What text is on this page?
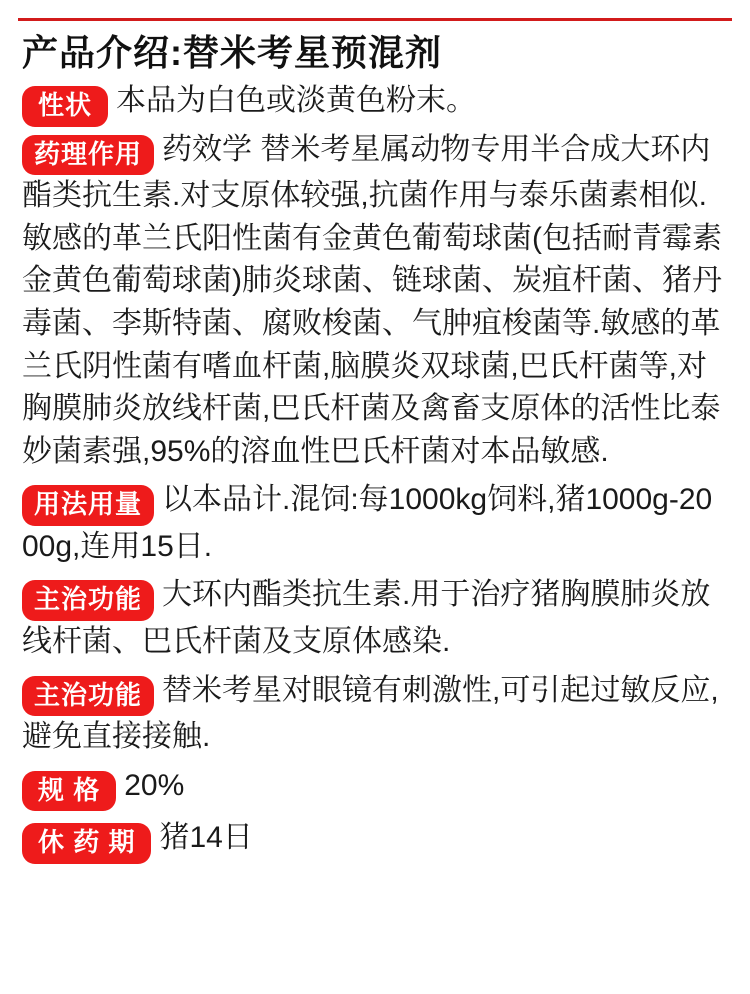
产品介绍:替米考星预混剂
性状 本品为白色或淡黄色粉末。
药理作用 药效学 替米考星属动物专用半合成大环内酯类抗生素.对支原体较强,抗菌作用与泰乐菌素相似.敏感的革兰氏阳性菌有金黄色葡萄球菌(包括耐青霉素金黄色葡萄球菌)肺炎球菌、链球菌、炭疽杆菌、猪丹毒菌、李斯特菌、腐败梭菌、气肿疽梭菌等.敏感的革兰氏阴性菌有嗜血杆菌,脑膜炎双球菌,巴氏杆菌等,对胸膜肺炎放线杆菌,巴氏杆菌及禽畜支原体的活性比泰妙菌素强,95%的溶血性巴氏杆菌对本品敏感.
用法用量 以本品计.混饲:每1000kg饲料,猪1000g-2000g,连用15日.
主治功能 大环内酯类抗生素.用于治疗猪胸膜肺炎放线杆菌、巴氏杆菌及支原体感染.
主治功能 替米考星对眼镜有刺激性,可引起过敏反应,避免直接接触.
规 格 20%
休 药 期 猪14日
